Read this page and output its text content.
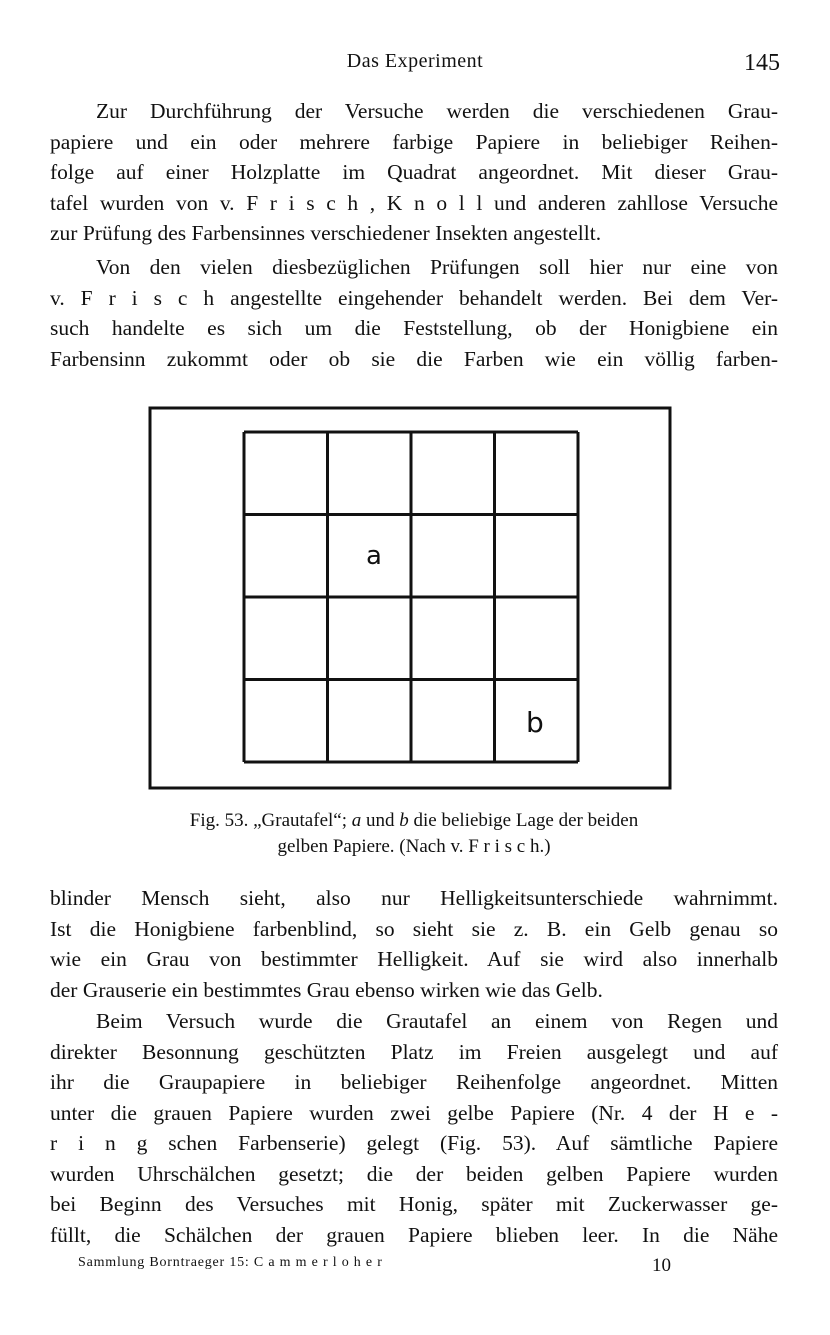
Das Experiment	145

Zur Durchführung der Versuche werden die verschiedenen Grau-
papiere und ein oder mehrere farbige Papiere in beliebiger Reihen-
folge auf einer Holzplatte im Quadrat angeordnet. Mit dieser Grau-
tafel wurden von v. F r i s c h , K n o l l und anderen zahllose Versuche
zur Prüfung des Farbensinnes verschiedener Insekten angestellt.

Von den vielen diesbezüglichen Prüfungen soll hier nur eine von
v. F r i s c h angestellte eingehender behandelt werden. Bei dem Ver-
such handelte es sich um die Feststellung, ob der Honigbiene ein
Farbensinn zukommt oder ob sie die Farben wie ein völlig farben-

a
b
Fig. 53. „Grautafel“; a und b die beliebige Lage der beiden
gelben Papiere. (Nach v. F r i s c h.)

blinder Mensch sieht, also nur Helligkeitsunterschiede wahrnimmt.
Ist die Honigbiene farbenblind, so sieht sie z. B. ein Gelb genau so
wie ein Grau von bestimmter Helligkeit. Auf sie wird also innerhalb
der Grauserie ein bestimmtes Grau ebenso wirken wie das Gelb.

Beim Versuch wurde die Grautafel an einem von Regen und
direkter Besonnung geschützten Platz im Freien ausgelegt und auf
ihr die Graupapiere in beliebiger Reihenfolge angeordnet. Mitten
unter die grauen Papiere wurden zwei gelbe Papiere (Nr. 4 der H e -
r i n g schen Farbenserie) gelegt (Fig. 53). Auf sämtliche Papiere
wurden Uhrschälchen gesetzt; die der beiden gelben Papiere wurden
bei Beginn des Versuches mit Honig, später mit Zuckerwasser ge-
füllt, die Schälchen der grauen Papiere blieben leer. In die Nähe

Sammlung Borntraeger 15: C a m m e r l o h e r	10
